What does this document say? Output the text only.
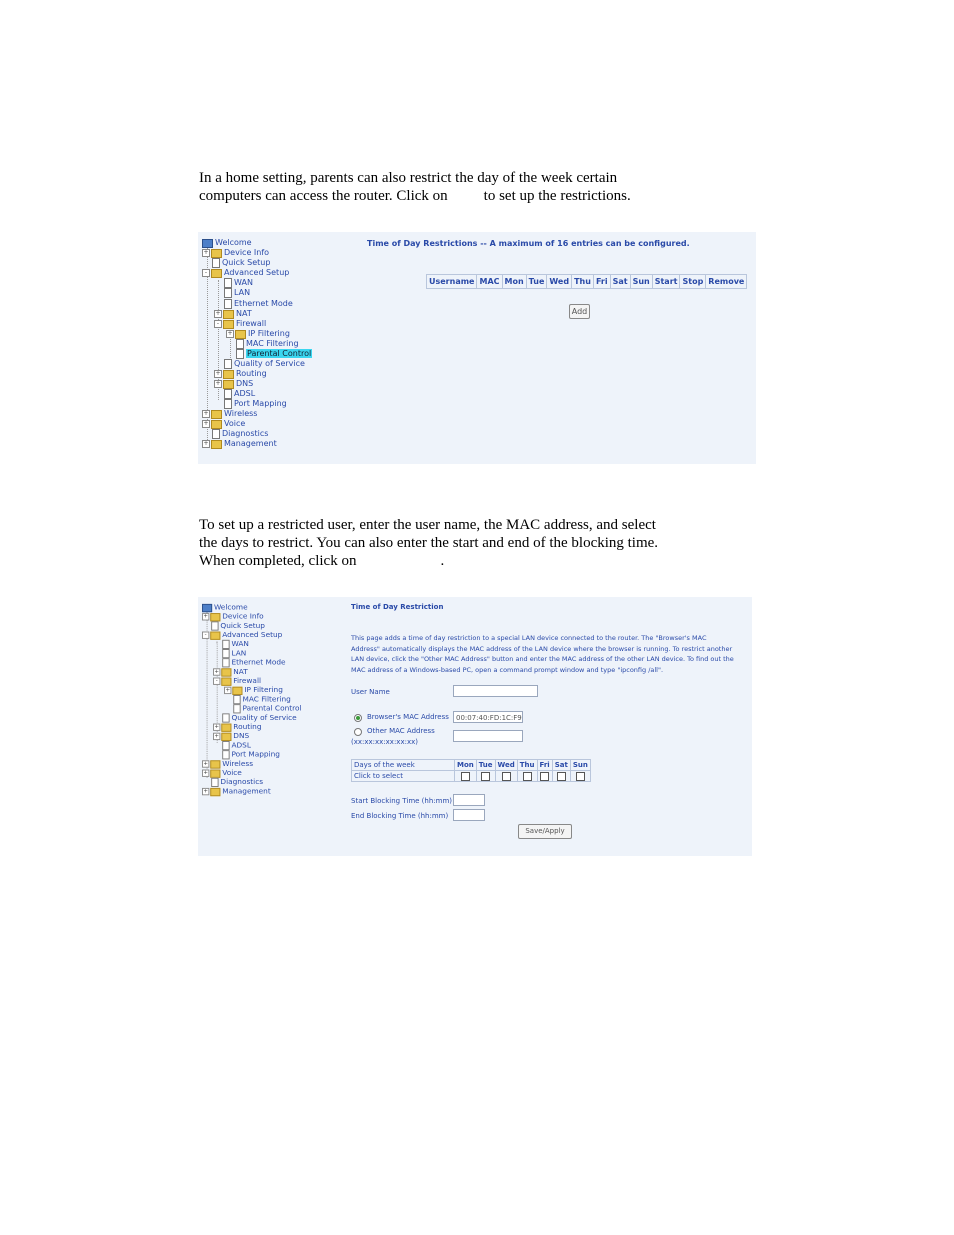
In a home setting, parents can also restrict the day of the week certain
computers can access the router. Click on to set up the restrictions.
Welcome
+ Device Info
Quick Setup
- Advanced Setup
WAN
LAN
Ethernet Mode
+ NAT
- Firewall
+ IP Filtering
MAC Filtering
Parental Control
Quality of Service
+ Routing
+ DNS
ADSL
Port Mapping
+ Wireless
+ Voice
Diagnostics
+ Management
Time of Day Restrictions -- A maximum of 16 entries can be configured.
Username	MAC	Mon	Tue	Wed	Thu	Fri	Sat	Sun	Start	Stop	Remove
Add
To set up a restricted user, enter the user name, the MAC address, and select
the days to restrict. You can also enter the start and end of the blocking time.
When completed, click on	.
Welcome
+ Device Info
Quick Setup
- Advanced Setup
WAN
LAN
Ethernet Mode
+ NAT
- Firewall
+ IP Filtering
MAC Filtering
Parental Control
Quality of Service
+ Routing
+ DNS
ADSL
Port Mapping
+ Wireless
+ Voice
Diagnostics
+ Management
Time of Day Restriction
This page adds a time of day restriction to a special LAN device connected to the router. The "Browser's MAC
Address" automatically displays the MAC address of the LAN device where the browser is running. To restrict another
LAN device, click the "Other MAC Address" button and enter the MAC address of the other LAN device. To find out the
MAC address of a Windows-based PC, open a command prompt window and type "ipconfig /all".
User Name
Browser's MAC Address	00:07:40:FD:1C:F9
Other MAC Address
(xx:xx:xx:xx:xx:xx)
Days of the week	Mon	Tue	Wed	Thu	Fri	Sat	Sun
Click to select							
Start Blocking Time (hh:mm)
End Blocking Time (hh:mm)
Save/Apply
